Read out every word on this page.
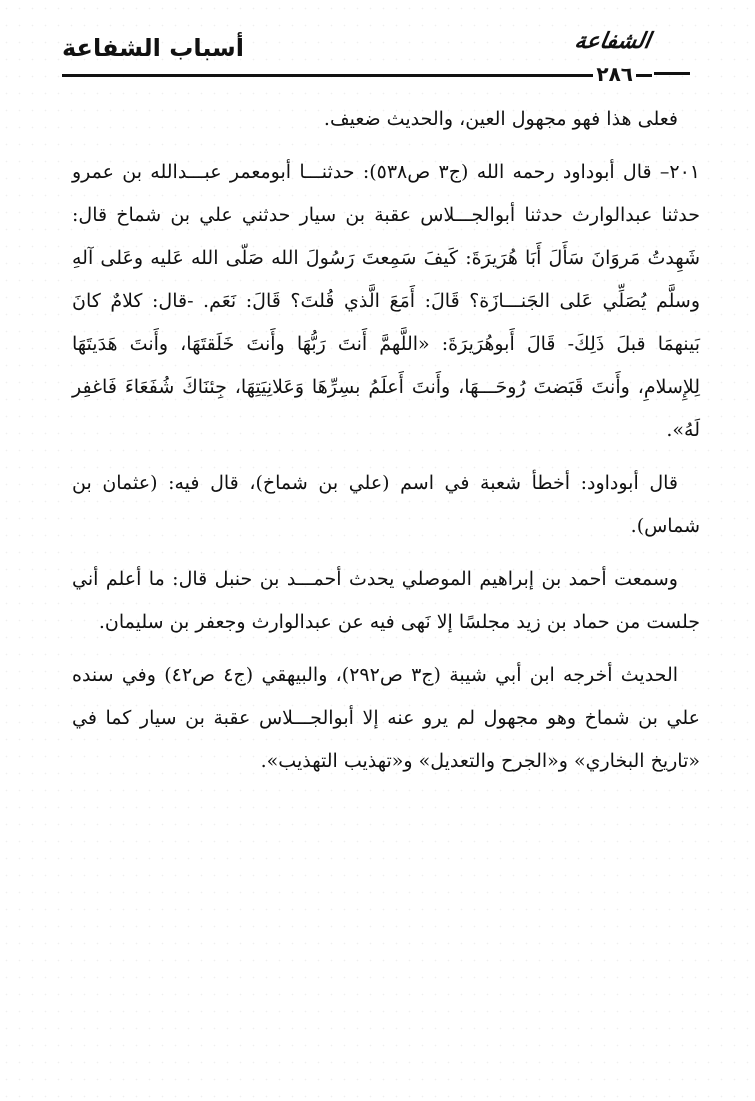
أسباب الشفاعة	الشفاعة
٢٨٦

فعلى هذا فهو مجهول العين، والحديث ضعيف.

٢٠١– قال أبوداود رحمه الله (ج٣ ص٥٣٨): حدثنـــا أبومعمر عبـــدالله بن عمرو حدثنا عبدالوارث حدثنا أبوالجـــلاس عقبة بن سيار حدثني علي بن شماخ قال: شَهِدتُ مَروَانَ سَأَلَ أَبَا هُرَيرَةَ: كَيفَ سَمِعتَ رَسُولَ الله صَلّى الله عَليه وعَلى آلهِ وسلَّم يُصَلِّي عَلى الجَنـــازَة؟ قَالَ: أَمَعَ الَّذي قُلتَ؟ قَالَ: نَعَم. -قال: كلامٌ كانَ بَينهمَا قبلَ ذَلِكَ- قَالَ أَبوهُرَيرَةَ: «اللَّهمَّ أَنتَ رَبُّهَا وأَنتَ خَلَقتَهَا، وأَنتَ هَدَيتَهَا لِلإِسلامِ، وأَنتَ قَبَضتَ رُوحَـــهَا، وأَنتَ أَعلَمُ بسِرِّهَا وَعَلانِيَتِهَا، جِئنَاكَ شُفَعَاءَ فَاغفِر لَهُ».

قال أبوداود: أخطأ شعبة في اسم (علي بن شماخ)، قال فيه: (عثمان بن شماس).

وسمعت أحمد بن إبراهيم الموصلي يحدث أحمـــد بن حنبل قال: ما أعلم أني جلست من حماد بن زيد مجلسًا إلا نَهى فيه عن عبدالوارث وجعفر بن سليمان.

الحديث أخرجه ابن أبي شيبة (ج٣ ص٢٩٢)، والبيهقي (ج٤ ص٤٢) وفي سنده علي بن شماخ وهو مجهول لم يرو عنه إلا أبوالجـــلاس عقبة بن سيار كما في «تاريخ البخاري» و«الجرح والتعديل» و«تهذيب التهذيب».
